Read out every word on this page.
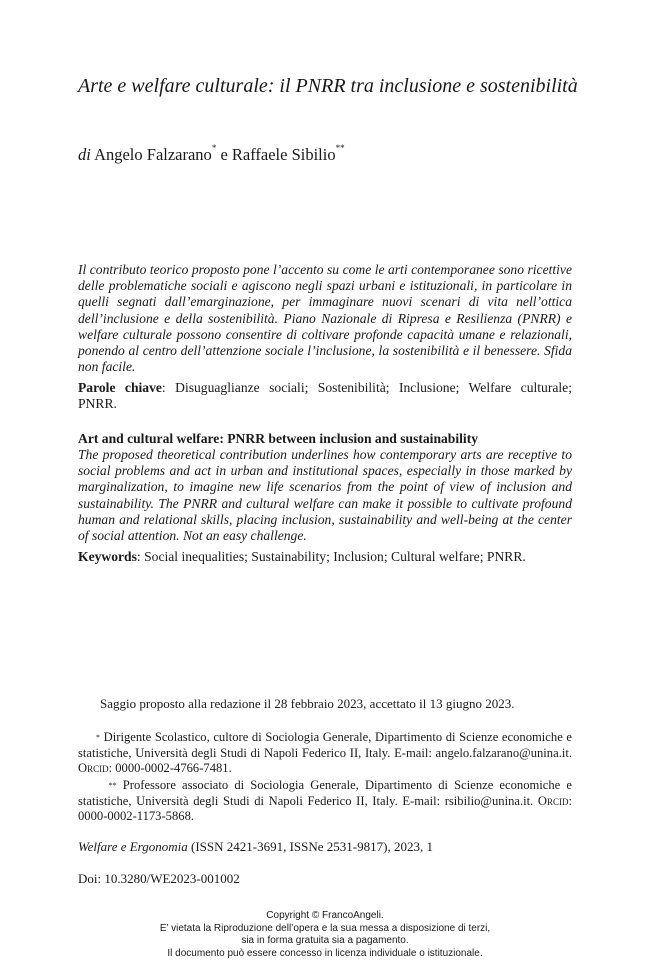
Arte e welfare culturale: il PNRR tra inclusione e sostenibilità
di Angelo Falzarano* e Raffaele Sibilio**
Il contributo teorico proposto pone l’accento su come le arti contemporanee sono ricettive delle problematiche sociali e agiscono negli spazi urbani e istituzionali, in particolare in quelli segnati dall’emarginazione, per immaginare nuovi scenari di vita nell’ottica dell’inclusione e della sostenibilità. Piano Nazionale di Ripresa e Resilienza (PNRR) e welfare culturale possono consentire di coltivare profonde capacità umane e relazionali, ponendo al centro dell’attenzione sociale l’inclusione, la sostenibilità e il benessere. Sfida non facile.
Parole chiave: Disuguaglianze sociali; Sostenibilità; Inclusione; Welfare culturale; PNRR.
Art and cultural welfare: PNRR between inclusion and sustainability
The proposed theoretical contribution underlines how contemporary arts are receptive to social problems and act in urban and institutional spaces, especially in those marked by marginalization, to imagine new life scenarios from the point of view of inclusion and sustainability. The PNRR and cultural welfare can make it possible to cultivate profound human and relational skills, placing inclusion, sustainability and well-being at the center of social attention. Not an easy challenge.
Keywords: Social inequalities; Sustainability; Inclusion; Cultural welfare; PNRR.
Saggio proposto alla redazione il 28 febbraio 2023, accettato il 13 giugno 2023.
* Dirigente Scolastico, cultore di Sociologia Generale, Dipartimento di Scienze economiche e statistiche, Università degli Studi di Napoli Federico II, Italy. E-mail: angelo.falzarano@unina.it. Orcid: 0000-0002-4766-7481.
** Professore associato di Sociologia Generale, Dipartimento di Scienze economiche e statistiche, Università degli Studi di Napoli Federico II, Italy. E-mail: rsibilio@unina.it. Orcid: 0000-0002-1173-5868.
Welfare e Ergonomia (ISSN 2421-3691, ISSNe 2531-9817), 2023, 1
Doi: 10.3280/WE2023-001002
Copyright © FrancoAngeli.
E’ vietata la Riproduzione dell’opera e la sua messa a disposizione di terzi,
sia in forma gratuita sia a pagamento.
Il documento può essere concesso in licenza individuale o istituzionale.
